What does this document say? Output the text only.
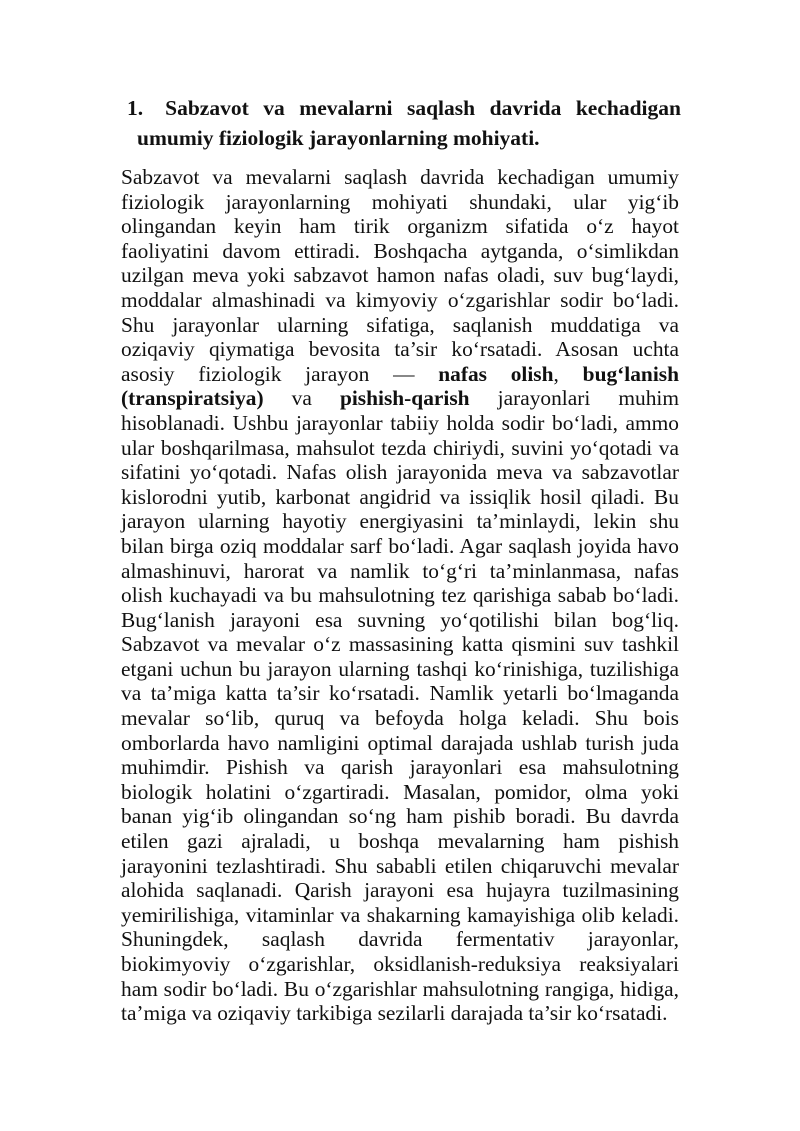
1. Sabzavot va mevalarni saqlash davrida kechadigan
umumiy fiziologik jarayonlarning mohiyati.
Sabzavot va mevalarni saqlash davrida kechadigan umumiy
fiziologik jarayonlarning mohiyati shundaki, ular yig‘ib
olingandan keyin ham tirik organizm sifatida o‘z hayot
faoliyatini davom ettiradi. Boshqacha aytganda, o‘simlikdan
uzilgan meva yoki sabzavot hamon nafas oladi, suv bug‘laydi,
moddalar almashinadi va kimyoviy o‘zgarishlar sodir bo‘ladi.
Shu jarayonlar ularning sifatiga, saqlanish muddatiga va
oziqaviy qiymatiga bevosita ta’sir ko‘rsatadi. Asosan uchta
asosiy fiziologik jarayon — nafas olish, bug‘lanish
(transpiratsiya) va pishish-qarish jarayonlari muhim
hisoblanadi. Ushbu jarayonlar tabiiy holda sodir bo‘ladi, ammo
ular boshqarilmasa, mahsulot tezda chiriydi, suvini yo‘qotadi va
sifatini yo‘qotadi. Nafas olish jarayonida meva va sabzavotlar
kislorodni yutib, karbonat angidrid va issiqlik hosil qiladi. Bu
jarayon ularning hayotiy energiyasini ta’minlaydi, lekin shu
bilan birga oziq moddalar sarf bo‘ladi. Agar saqlash joyida havo
almashinuvi, harorat va namlik to‘g‘ri ta’minlanmasa, nafas
olish kuchayadi va bu mahsulotning tez qarishiga sabab bo‘ladi.
Bug‘lanish jarayoni esa suvning yo‘qotilishi bilan bog‘liq.
Sabzavot va mevalar o‘z massasining katta qismini suv tashkil
etgani uchun bu jarayon ularning tashqi ko‘rinishiga, tuzilishiga
va ta’miga katta ta’sir ko‘rsatadi. Namlik yetarli bo‘lmaganda
mevalar so‘lib, quruq va befoyda holga keladi. Shu bois
omborlarda havo namligini optimal darajada ushlab turish juda
muhimdir. Pishish va qarish jarayonlari esa mahsulotning
biologik holatini o‘zgartiradi. Masalan, pomidor, olma yoki
banan yig‘ib olingandan so‘ng ham pishib boradi. Bu davrda
etilen gazi ajraladi, u boshqa mevalarning ham pishish
jarayonini tezlashtiradi. Shu sababli etilen chiqaruvchi mevalar
alohida saqlanadi. Qarish jarayoni esa hujayra tuzilmasining
yemirilishiga, vitaminlar va shakarning kamayishiga olib keladi.
Shuningdek, saqlash davrida fermentativ jarayonlar,
biokimyoviy o‘zgarishlar, oksidlanish-reduksiya reaksiyalari
ham sodir bo‘ladi. Bu o‘zgarishlar mahsulotning rangiga, hidiga,
ta’miga va oziqaviy tarkibiga sezilarli darajada ta’sir ko‘rsatadi.
